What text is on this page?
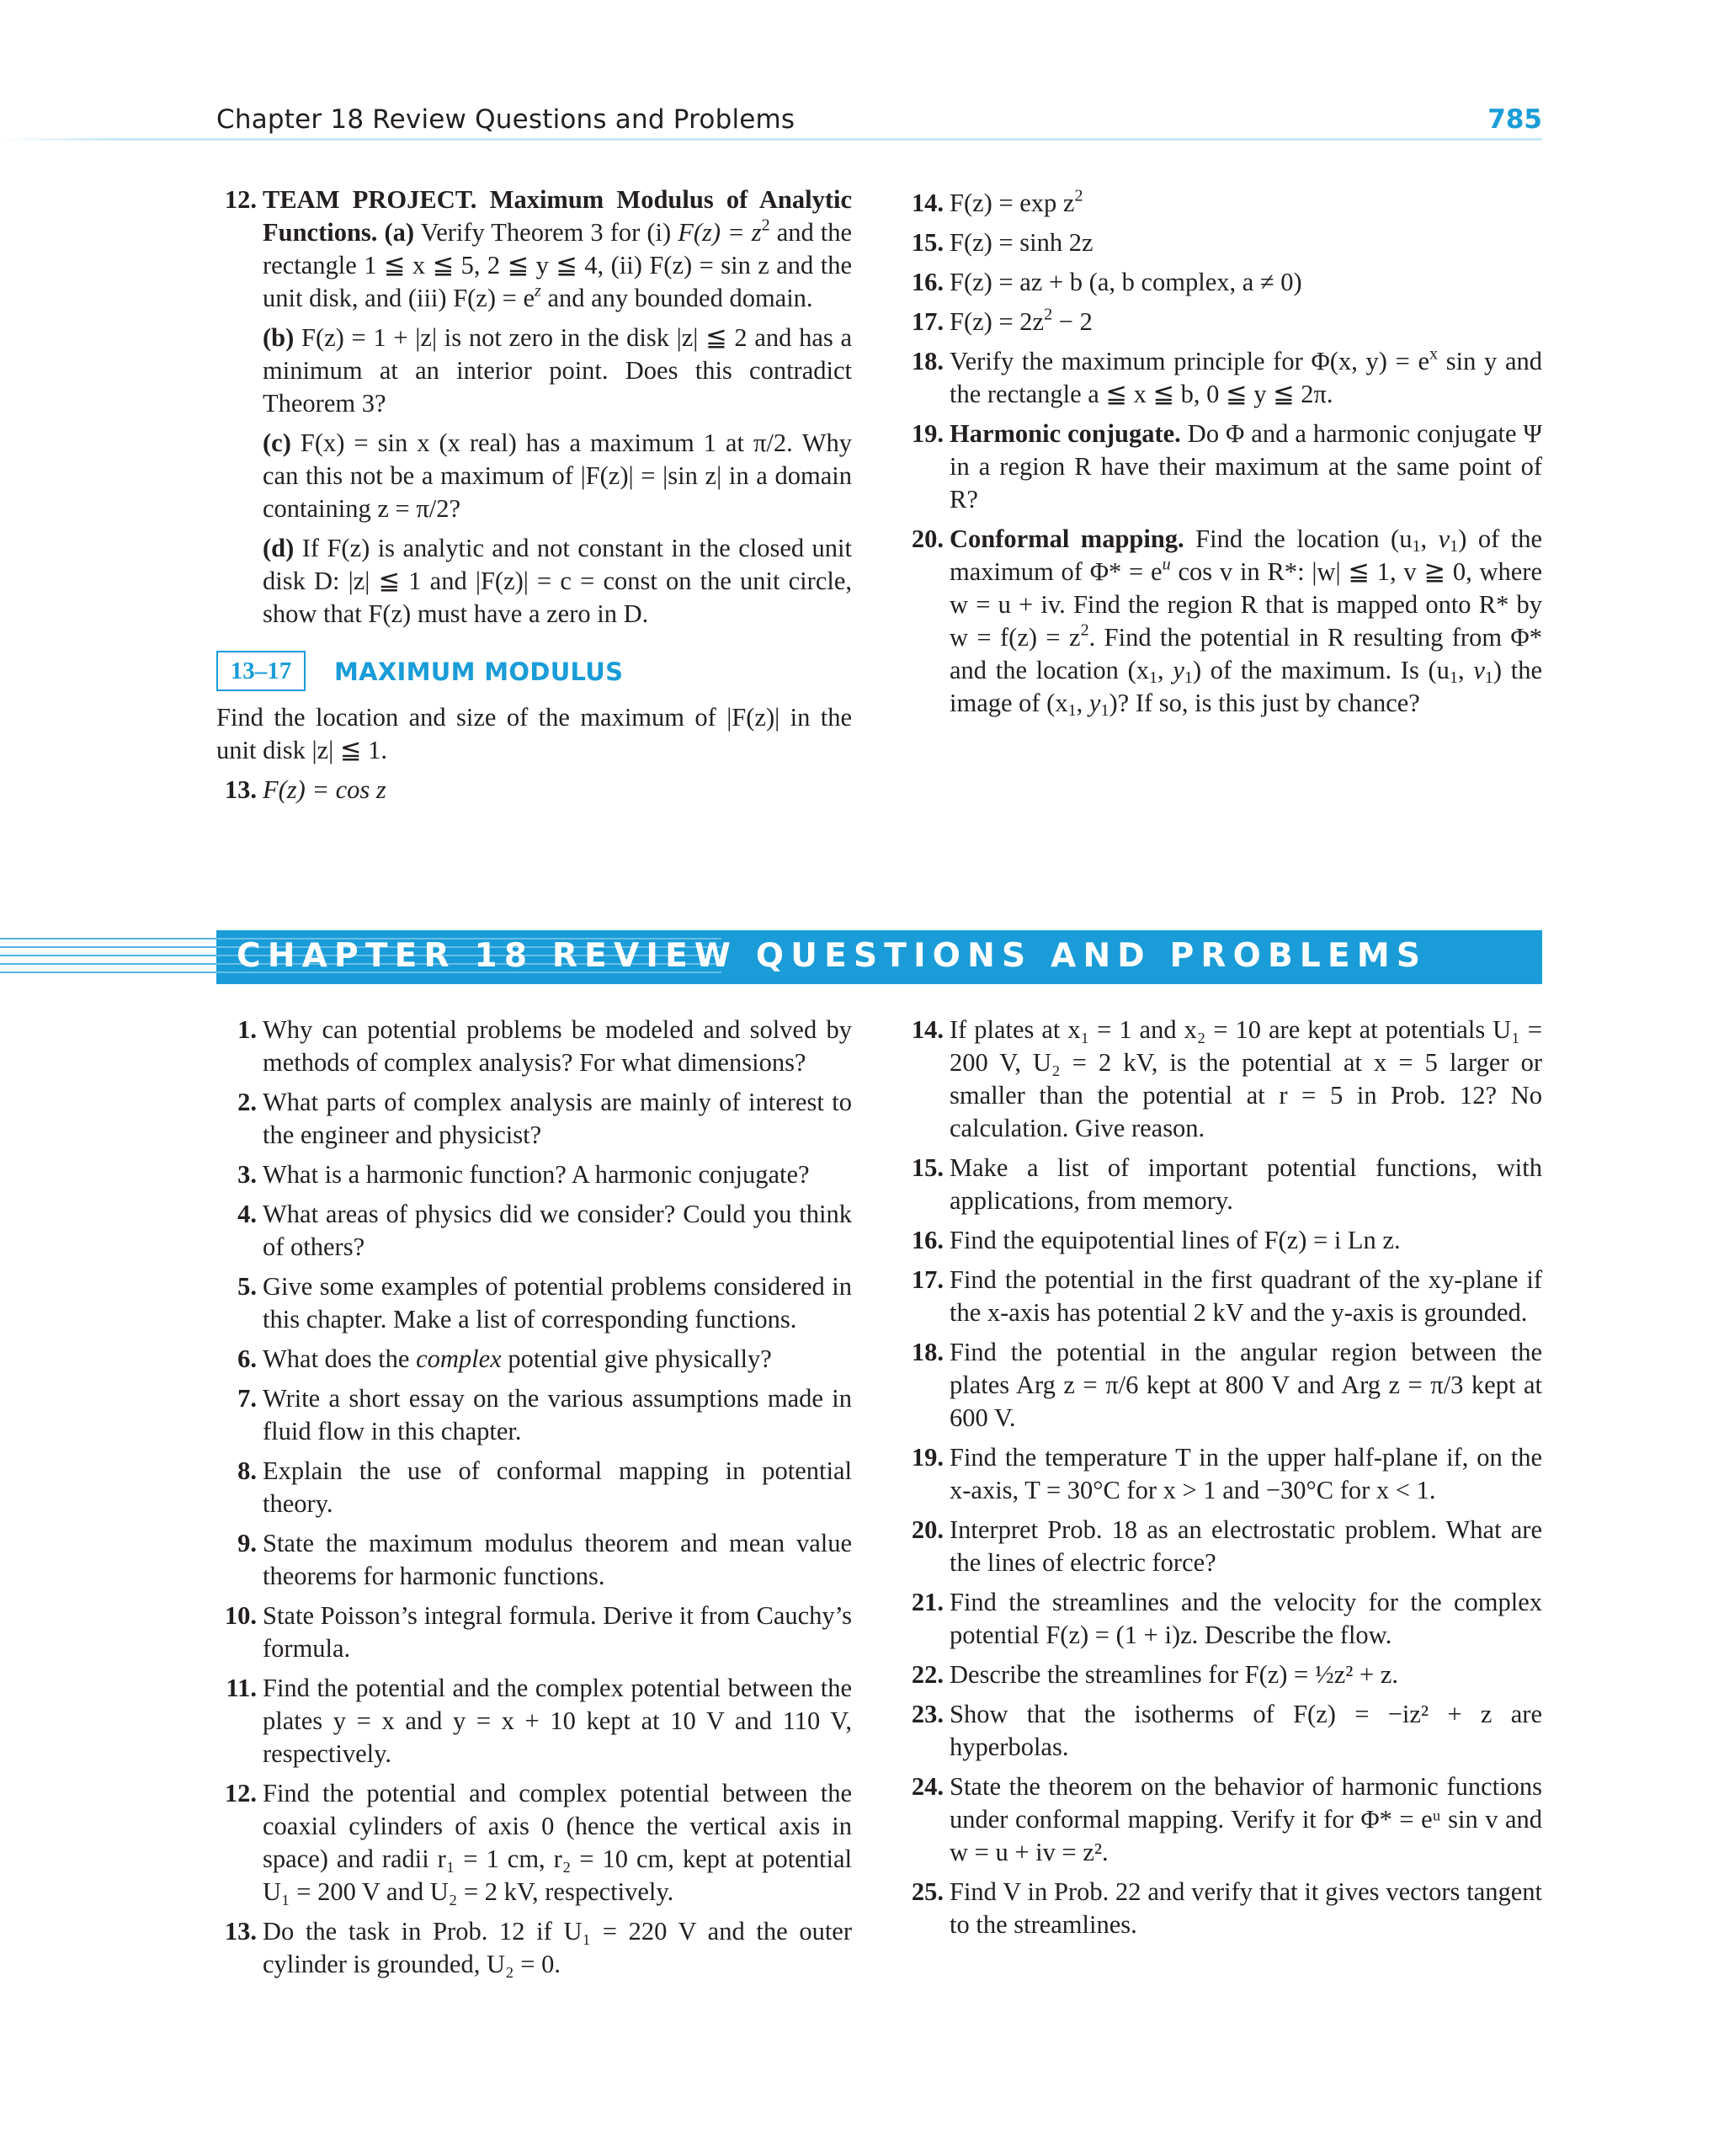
Chapter 18 Review Questions and Problems	785
12. TEAM PROJECT. Maximum Modulus of Analytic Functions. (a) Verify Theorem 3 for (i) $F(z) = z^2$ and the rectangle 1 ≦ x ≦ 5, 2 ≦ y ≦ 4, (ii) F(z) = sin z and the unit disk, and (iii) $F(z) = e^z$ and any bounded domain.
(b) F(z) = 1 + |z| is not zero in the disk |z| ≦ 2 and has a minimum at an interior point. Does this contradict Theorem 3?
(c) F(x) = sin x (x real) has a maximum 1 at π/2. Why can this not be a maximum of |F(z)| = |sin z| in a domain containing z = π/2?
(d) If F(z) is analytic and not constant in the closed unit disk D: |z| ≦ 1 and |F(z)| = c = const on the unit circle, show that F(z) must have a zero in D.
13–17	MAXIMUM MODULUS
Find the location and size of the maximum of |F(z)| in the unit disk |z| ≦ 1.
13. F(z) = cos z
14. $F(z) = \exp z^2$
15. F(z) = sinh 2z
16. F(z) = az + b (a, b complex, a ≠ 0)
17. $F(z) = 2z^2 - 2$
18. Verify the maximum principle for Φ(x, $y) = e^x$ sin y and the rectangle a ≦ x ≦ b, 0 ≦ y ≦ 2π.
19. Harmonic conjugate. Do Φ and a harmonic conjugate Ψ in a region R have their maximum at the same point of R?
20. Conformal mapping. Find the location ($u_1$, $v_1$) of the maximum of $\Phi* = e^u$ cos v in R*: |w| ≦ 1, v ≧ 0, where w = u + iv. Find the region R that is mapped onto R* by $w = f(z) = z^2$. Find the potential in R resulting from Φ* and the location ($x_1$, $y_1$) of the maximum. Is ($u_1$, $v_1$) the image of ($x_1$, $y_1$)? If so, is this just by chance?
CHAPTER 18 REVIEW QUESTIONS AND PROBLEMS
1. Why can potential problems be modeled and solved by methods of complex analysis? For what dimensions?
2. What parts of complex analysis are mainly of interest to the engineer and physicist?
3. What is a harmonic function? A harmonic conjugate?
4. What areas of physics did we consider? Could you think of others?
5. Give some examples of potential problems considered in this chapter. Make a list of corresponding functions.
6. What does the complex potential give physically?
7. Write a short essay on the various assumptions made in fluid flow in this chapter.
8. Explain the use of conformal mapping in potential theory.
9. State the maximum modulus theorem and mean value theorems for harmonic functions.
10. State Poisson’s integral formula. Derive it from Cauchy’s formula.
11. Find the potential and the complex potential between the plates y = x and y = x + 10 kept at 10 V and 110 V, respectively.
12. Find the potential and complex potential between the coaxial cylinders of axis 0 (hence the vertical axis in space) and radii r₁ = 1 cm, r₂ = 10 cm, kept at potential U₁ = 200 V and U₂ = 2 kV, respectively.
13. Do the task in Prob. 12 if U₁ = 220 V and the outer cylinder is grounded, U₂ = 0.
14. If plates at x₁ = 1 and x₂ = 10 are kept at potentials U₁ = 200 V, U₂ = 2 kV, is the potential at x = 5 larger or smaller than the potential at r = 5 in Prob. 12? No calculation. Give reason.
15. Make a list of important potential functions, with applications, from memory.
16. Find the equipotential lines of F(z) = i Ln z.
17. Find the potential in the first quadrant of the xy-plane if the x-axis has potential 2 kV and the y-axis is grounded.
18. Find the potential in the angular region between the plates Arg z = π/6 kept at 800 V and Arg z = π/3 kept at 600 V.
19. Find the temperature T in the upper half-plane if, on the x-axis, T = 30°C for x > 1 and −30°C for x < 1.
20. Interpret Prob. 18 as an electrostatic problem. What are the lines of electric force?
21. Find the streamlines and the velocity for the complex potential F(z) = (1 + i)z. Describe the flow.
22. Describe the streamlines for F(z) = ½z² + z.
23. Show that the isotherms of F(z) = −iz² + z are hyperbolas.
24. State the theorem on the behavior of harmonic functions under conformal mapping. Verify it for Φ* = eᵘ sin v and w = u + iv = z².
25. Find V in Prob. 22 and verify that it gives vectors tangent to the streamlines.
